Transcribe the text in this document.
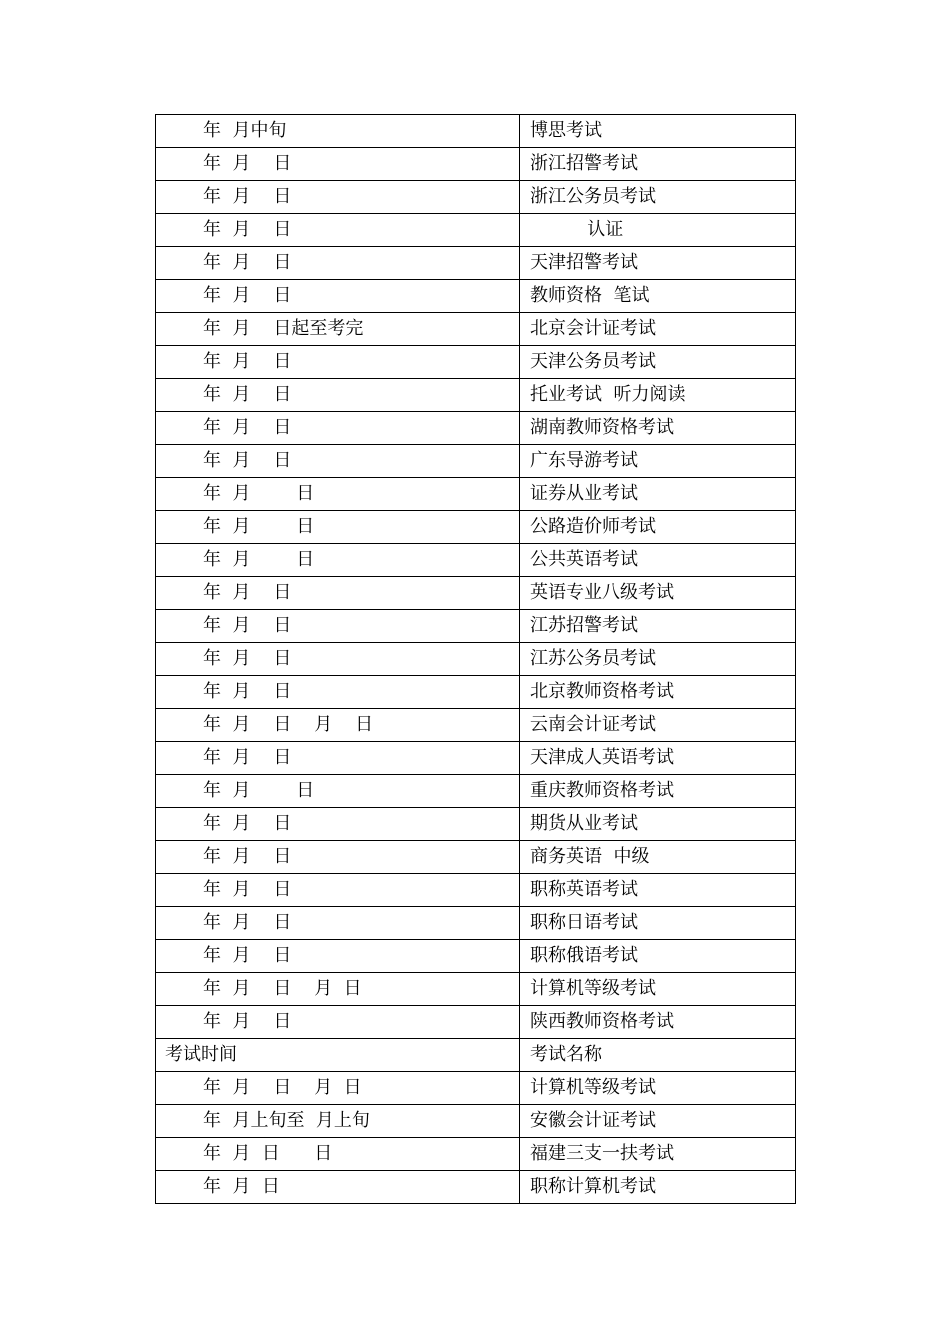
年  月中旬	博思考试
年  月    日	浙江招警考试
年  月    日	浙江公务员考试
年  月    日	认证
年  月    日	天津招警考试
年  月    日	教师资格  笔试
年  月    日起至考完	北京会计证考试
年  月    日	天津公务员考试
年  月    日	托业考试  听力阅读
年  月    日	湖南教师资格考试
年  月    日	广东导游考试
年  月        日	证券从业考试
年  月        日	公路造价师考试
年  月        日	公共英语考试
年  月    日	英语专业八级考试
年  月    日	江苏招警考试
年  月    日	江苏公务员考试
年  月    日	北京教师资格考试
年  月    日    月    日	云南会计证考试
年  月    日	天津成人英语考试
年  月        日	重庆教师资格考试
年  月    日	期货从业考试
年  月    日	商务英语  中级
年  月    日	职称英语考试
年  月    日	职称日语考试
年  月    日	职称俄语考试
年  月    日    月  日	计算机等级考试
年  月    日	陕西教师资格考试
考试时间	考试名称
年  月    日    月  日	计算机等级考试
年  月上旬至  月上旬	安徽会计证考试
年  月  日      日	福建三支一扶考试
年  月  日	职称计算机考试
